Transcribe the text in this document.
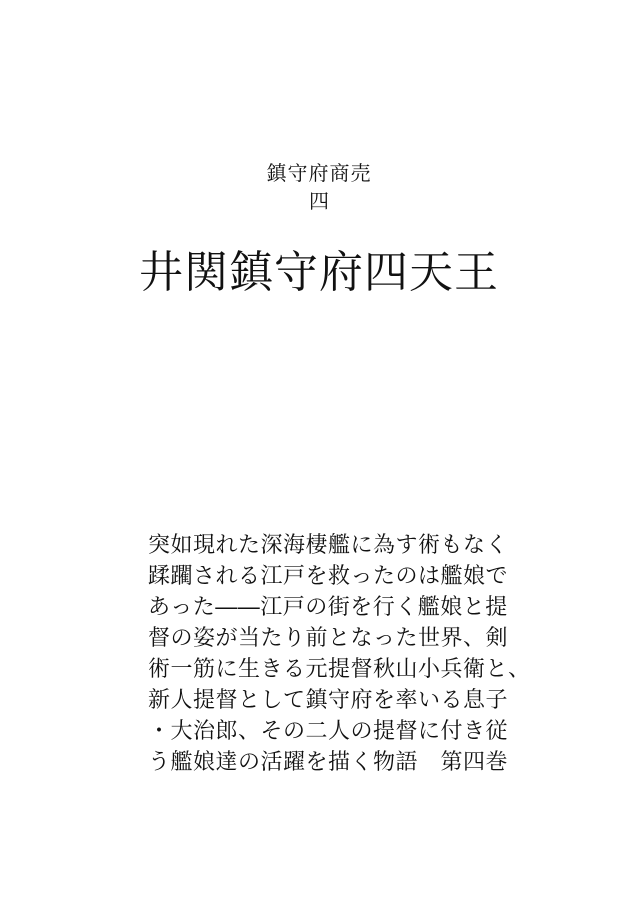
鎮守府商売
四
井関鎮守府四天王
突如現れた深海棲艦に為す術もなく
蹂躙される江戸を救ったのは艦娘で
あった――江戸の街を行く艦娘と提
督の姿が当たり前となった世界、剣
術一筋に生きる元提督秋山小兵衛と、
新人提督として鎮守府を率いる息子
・大治郎、その二人の提督に付き従
う艦娘達の活躍を描く物語　第四巻
